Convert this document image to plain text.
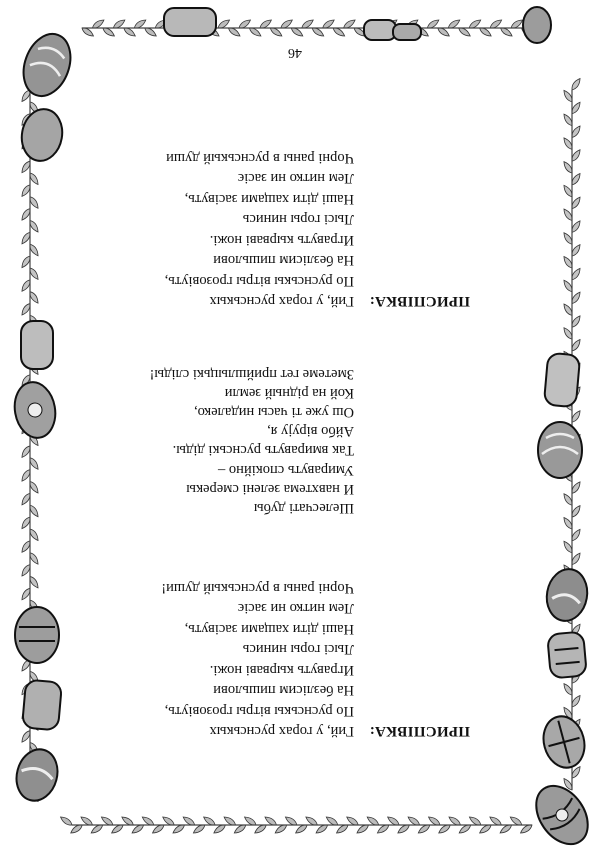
46
ПРИСПІВКА:
Гий, у горах руснськых
По руснськы вітры грозовіуть,
На безлісим пишьлови
Игравуть кырваві ножі.
Лысі горы нинись
Наші діти хащами засівуть,
Лем нитко ни засіє
Чорні раны в руснськый души!
Шелесчаті дубы
И навхтема зелені смерекы
Умиравуть спокійно –
Так вмиравуть руснські діды.
Айбо вірују я,
Ош уже ті часы нидалеко,
Кой на рідный земли
Зметеме гет прийшлыцькі сліды!
ПРИСПІВКА:
Гий, у горах руснськых
По руснськы вітры грозовіуть,
На безлісим пишьлови
Игравуть кырваві ножі.
Лысі горы нинись
Наші діти хащами засівуть,
Лем нитко ни засіє
Чорні раны в руснськый души
